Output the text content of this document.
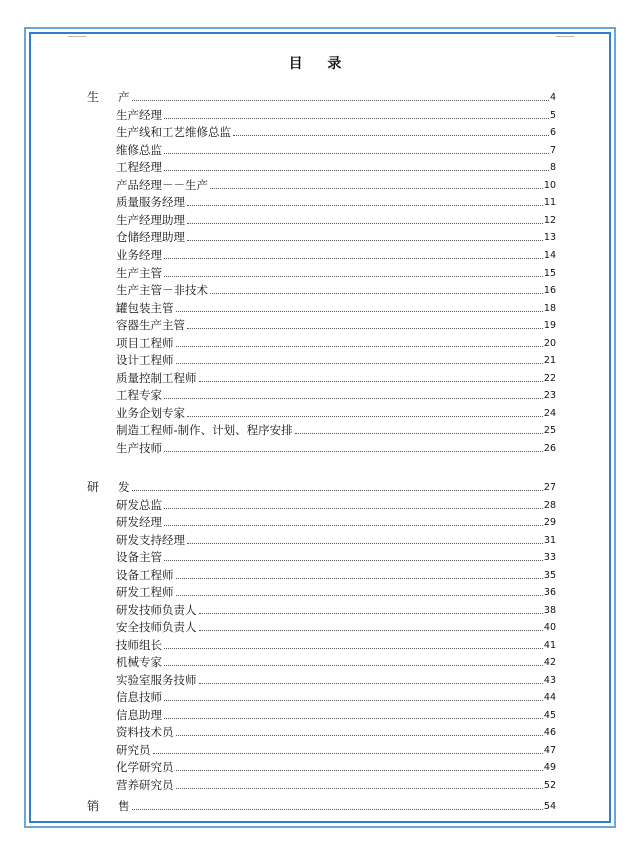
目 录
生 产	4
生产经理	5
生产线和工艺维修总监	6
维修总监	7
工程经理	8
产品经理－－生产	10
质量服务经理	11
生产经理助理	12
仓储经理助理	13
业务经理	14
生产主管	15
生产主管－非技术	16
罐包装主管	18
容器生产主管	19
项目工程师	20
设计工程师	21
质量控制工程师	22
工程专家	23
业务企划专家	24
制造工程师-制作、计划、程序安排	25
生产技师	26
研 发	27
研发总监	28
研发经理	29
研发支持经理	31
设备主管	33
设备工程师	35
研发工程师	36
研发技师负责人	38
安全技师负责人	40
技师组长	41
机械专家	42
实验室服务技师	43
信息技师	44
信息助理	45
资料技术员	46
研究员	47
化学研究员	49
营养研究员	52
销 售	54
